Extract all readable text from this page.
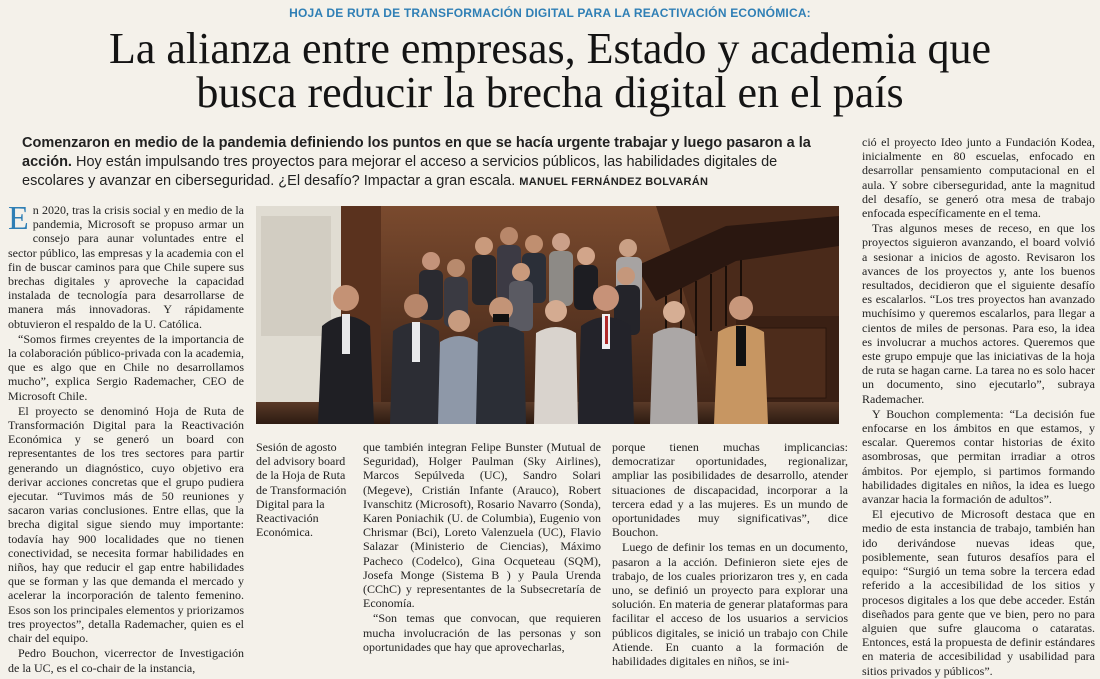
HOJA DE RUTA DE TRANSFORMACIÓN DIGITAL PARA LA REACTIVACIÓN ECONÓMICA:
La alianza entre empresas, Estado y academia que
busca reducir la brecha digital en el país
Comenzaron en medio de la pandemia definiendo los puntos en que se hacía urgente trabajar y luego pasaron a la acción. Hoy están impulsando tres proyectos para mejorar el acceso a servicios públicos, las habilidades digitales de escolares y avanzar en ciberseguridad. ¿El desafío? Impactar a gran escala. MANUEL FERNÁNDEZ BOLVARÁN

En 2020, tras la crisis social y en medio de la pandemia, Microsoft se propuso armar un consejo para aunar voluntades entre el sector público, las empresas y la academia con el fin de buscar caminos para que Chile supere sus brechas digitales y aproveche la capacidad instalada de tecnología para desarrollarse de manera más innovadoras. Y rápidamente obtuvieron el respaldo de la U. Católica.

“Somos firmes creyentes de la importancia de la colaboración público-privada con la academia, que es algo que en Chile no desarrollamos mucho”, explica Sergio Rademacher, CEO de Microsoft Chile.

El proyecto se denominó Hoja de Ruta de Transformación Digital para la Reactivación Económica y se generó un board con representantes de los tres sectores para partir generando un diagnóstico, cuyo objetivo era derivar acciones concretas que el grupo pudiera ejecutar. “Tuvimos más de 50 reuniones y sacaron varias conclusiones. Entre ellas, que la brecha digital sigue siendo muy importante: todavía hay 900 localidades que no tienen conectividad, se necesita formar habilidades en niños, hay que reducir el gap entre habilidades que se forman y las que demanda el mercado y acelerar la incorporación de talento femenino. Esos son los principales elementos y priorizamos tres proyectos”, detalla Rademacher, quien es el chair del equipo.

Pedro Bouchon, vicerrector de Investigación de la UC, es el co-chair de la instancia,

Sesión de agosto del advisory board de la Hoja de Ruta de Transformación Digital para la Reactivación Económica.

que también integran Felipe Bunster (Mutual de Seguridad), Holger Paulman (Sky Airlines), Marcos Sepúlveda (UC), Sandro Solari (Megeve), Cristián Infante (Arauco), Robert Ivanschitz (Microsoft), Rosario Navarro (Sonda), Karen Poniachik (U. de Columbia), Eugenio von Chrismar (Bci), Loreto Valenzuela (UC), Flavio Salazar (Ministerio de Ciencias), Máximo Pacheco (Codelco), Gina Ocqueteau (SQM), Josefa Monge (Sistema B ) y Paula Urenda (CChC) y representantes de la Subsecretaría de Economía.

“Son temas que convocan, que requieren mucha involucración de las personas y son oportunidades que hay que aprovecharlas,

porque tienen muchas implicancias: democratizar oportunidades, regionalizar, ampliar las posibilidades de desarrollo, atender situaciones de discapacidad, incorporar a la tercera edad y a las mujeres. Es un mundo de oportunidades muy significativas”, dice Bouchon.

Luego de definir los temas en un documento, pasaron a la acción. Definieron siete ejes de trabajo, de los cuales priorizaron tres y, en cada uno, se definió un proyecto para explorar una solución. En materia de generar plataformas para facilitar el acceso de los usuarios a servicios públicos digitales, se inició un trabajo con Chile Atiende. En cuanto a la formación de habilidades digitales en niños, se ini-

ció el proyecto Ideo junto a Fundación Kodea, inicialmente en 80 escuelas, enfocado en desarrollar pensamiento computacional en el aula. Y sobre ciberseguridad, ante la magnitud del desafío, se generó otra mesa de trabajo enfocada específicamente en el tema.

Tras algunos meses de receso, en que los proyectos siguieron avanzando, el board volvió a sesionar a inicios de agosto. Revisaron los avances de los proyectos y, ante los buenos resultados, decidieron que el siguiente desafío es escalarlos. “Los tres proyectos han avanzado muchísimo y queremos escalarlos, para llegar a cientos de miles de personas. Para eso, la idea es involucrar a muchos actores. Queremos que este grupo empuje que las iniciativas de la hoja de ruta se hagan carne. La tarea no es solo hacer un documento, sino ejecutarlo”, subraya Rademacher.

Y Bouchon complementa: “La decisión fue enfocarse en los ámbitos en que estamos, y escalar. Queremos contar historias de éxito asombrosas, que permitan irradiar a otros ámbitos. Por ejemplo, si partimos formando habilidades digitales en niños, la idea es luego avanzar hacia la formación de adultos”.

El ejecutivo de Microsoft destaca que en medio de esta instancia de trabajo, también han ido derivándose nuevas ideas que, posiblemente, sean futuros desafíos para el equipo: “Surgió un tema sobre la tercera edad referido a la accesibilidad de los sitios y procesos digitales a los que debe acceder. Están diseñados para gente que ve bien, pero no para alguien que sufre glaucoma o cataratas. Entonces, está la propuesta de definir estándares en materia de accesibilidad y usabilidad para sitios privados y públicos”.
